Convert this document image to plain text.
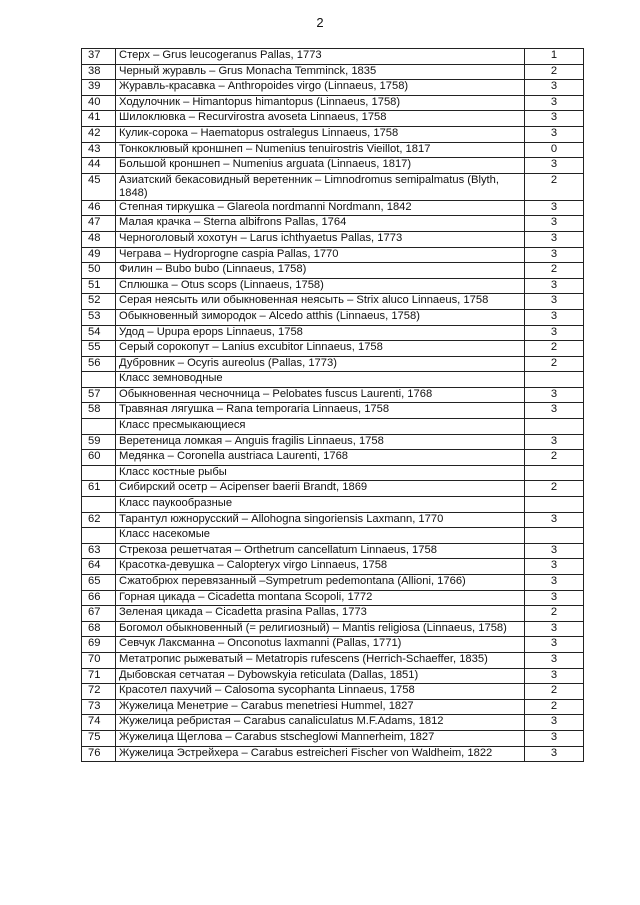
2
37	Стерх – Grus leucogeranus Pallas, 1773	1
38	Черный журавль – Grus Monacha Temminck, 1835	2
39	Журавль-красавка – Anthropoides virgo (Linnaeus, 1758)	3
40	Ходулочник – Himantopus himantopus (Linnaeus, 1758)	3
41	Шилоклювка – Recurvirostra avoseta Linnaeus, 1758	3
42	Кулик-сорока – Haematopus ostralegus Linnaeus, 1758	3
43	Тонкоклювый кроншнеп – Numenius tenuirostris Vieillot, 1817	0
44	Большой кроншнеп – Numenius arguata (Linnaeus, 1817)	3
45	Азиатский бекасовидный веретенник – Limnodromus semipalmatus (Blyth, 1848)	2
46	Степная тиркушка – Glareola nordmanni Nordmann, 1842	3
47	Малая крачка – Sterna albifrons Pallas, 1764	3
48	Черноголовый хохотун – Larus ichthyaetus Pallas, 1773	3
49	Чеграва – Hydroprogne caspia Pallas, 1770	3
50	Филин – Bubo bubo (Linnaeus, 1758)	2
51	Сплюшка – Otus scops (Linnaeus, 1758)	3
52	Серая неясыть или обыкновенная неясыть – Strix aluco Linnaeus, 1758	3
53	Обыкновенный зимородок – Alcedo atthis (Linnaeus, 1758)	3
54	Удод – Upupa epops Linnaeus, 1758	3
55	Серый сорокопут – Lanius excubitor Linnaeus, 1758	2
56	Дубровник – Ocyris aureolus (Pallas, 1773)	2
	Класс земноводные	
57	Обыкновенная чесночница – Pelobates fuscus Laurenti, 1768	3
58	Травяная лягушка – Rana temporaria Linnaeus, 1758	3
	Класс пресмыкающиеся	
59	Веретеница ломкая – Anguis fragilis Linnaeus, 1758	3
60	Медянка – Coronella austriaca Laurenti, 1768	2
	Класс костные рыбы	
61	Сибирский осетр – Acipenser baerii Brandt, 1869	2
	Класс паукообразные	
62	Тарантул южнорусский – Allohogna singoriensis Laxmann, 1770	3
	Класс насекомые	
63	Стрекоза решетчатая – Orthetrum cancellatum Linnaeus, 1758	3
64	Красотка-девушка – Calopteryx virgo Linnaeus, 1758	3
65	Сжатобрюх перевязанный –Sympetrum pedemontana (Allioni, 1766)	3
66	Горная цикада – Cicadetta montana Scopoli, 1772	3
67	Зеленая цикада – Cicadetta prasina Pallas, 1773	2
68	Богомол обыкновенный (= религиозный) – Mantis religiosa (Linnaeus, 1758)	3
69	Севчук Лаксманна – Onconotus laxmanni (Pallas, 1771)	3
70	Метатропис рыжеватый – Metatropis rufescens (Herrich-Schaeffer, 1835)	3
71	Дыбовская сетчатая – Dybowskyia reticulata (Dallas, 1851)	3
72	Красотел пахучий – Calosoma sycophanta Linnaeus, 1758	2
73	Жужелица Менетрие – Carabus menetriesi Hummel, 1827	2
74	Жужелица ребристая – Carabus canaliculatus M.F.Adams, 1812	3
75	Жужелица Щеглова – Carabus stscheglowi Mannerheim, 1827	3
76	Жужелица Эстрейхера – Carabus estreicheri Fischer von Waldheim, 1822	3
